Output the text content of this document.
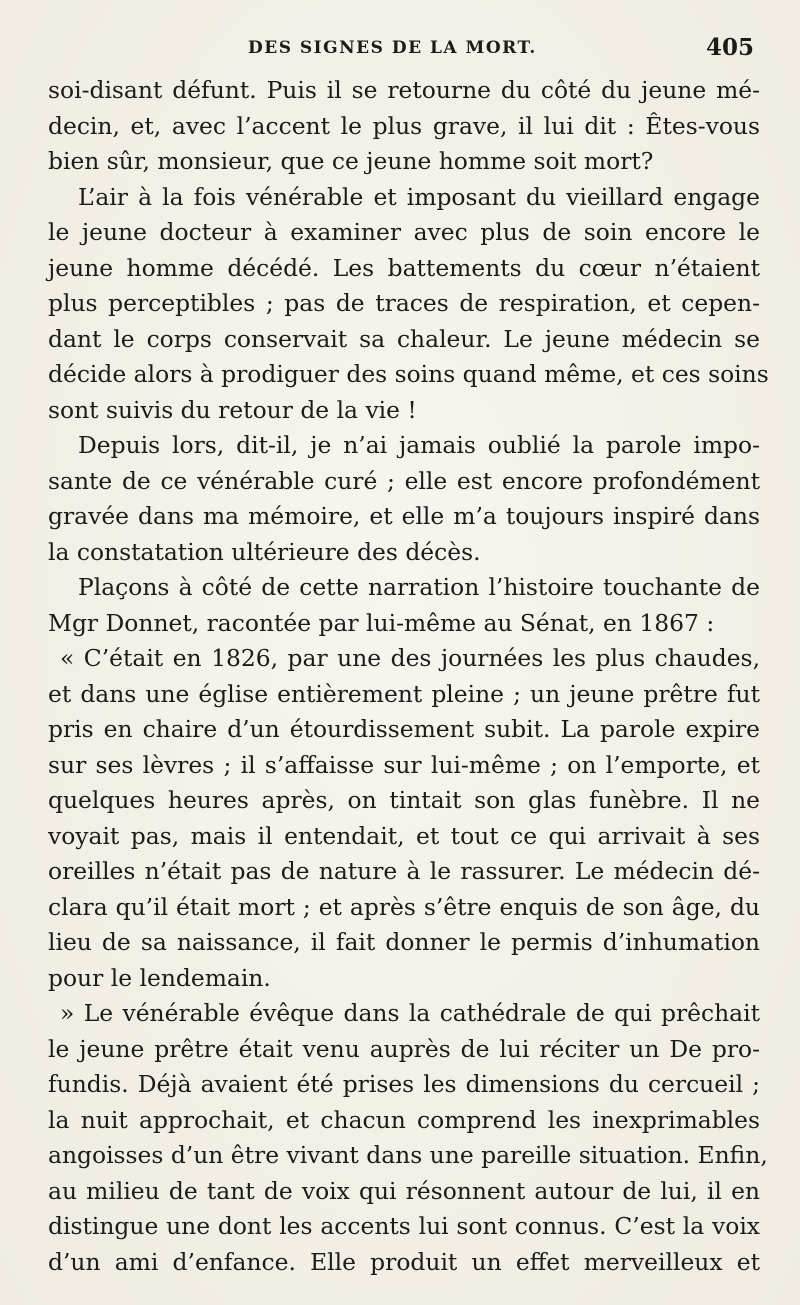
DES SIGNES DE LA MORT.	405
soi-disant défunt. Puis il se retourne du côté du jeune mé-
decin, et, avec l’accent le plus grave, il lui dit : Êtes-vous
bien sûr, monsieur, que ce jeune homme soit mort?
L’air à la fois vénérable et imposant du vieillard engage
le jeune docteur à examiner avec plus de soin encore le
jeune homme décédé. Les battements du cœur n’étaient
plus perceptibles ; pas de traces de respiration, et cepen-
dant le corps conservait sa chaleur. Le jeune médecin se
décide alors à prodiguer des soins quand même, et ces soins
sont suivis du retour de la vie !
Depuis lors, dit-il, je n’ai jamais oublié la parole impo-
sante de ce vénérable curé ; elle est encore profondément
gravée dans ma mémoire, et elle m’a toujours inspiré dans
la constatation ultérieure des décès.
Plaçons à côté de cette narration l’histoire touchante de
Mgr Donnet, racontée par lui-même au Sénat, en 1867 :
« C’était en 1826, par une des journées les plus chaudes,
et dans une église entièrement pleine ; un jeune prêtre fut
pris en chaire d’un étourdissement subit. La parole expire
sur ses lèvres ; il s’affaisse sur lui-même ; on l’emporte, et
quelques heures après, on tintait son glas funèbre. Il ne
voyait pas, mais il entendait, et tout ce qui arrivait à ses
oreilles n’était pas de nature à le rassurer. Le médecin dé-
clara qu’il était mort ; et après s’être enquis de son âge, du
lieu de sa naissance, il fait donner le permis d’inhumation
pour le lendemain.
» Le vénérable évêque dans la cathédrale de qui prêchait
le jeune prêtre était venu auprès de lui réciter un De pro-
fundis. Déjà avaient été prises les dimensions du cercueil ;
la nuit approchait, et chacun comprend les inexprimables
angoisses d’un être vivant dans une pareille situation. Enfin,
au milieu de tant de voix qui résonnent autour de lui, il en
distingue une dont les accents lui sont connus. C’est la voix
d’un ami d’enfance. Elle produit un effet merveilleux et
